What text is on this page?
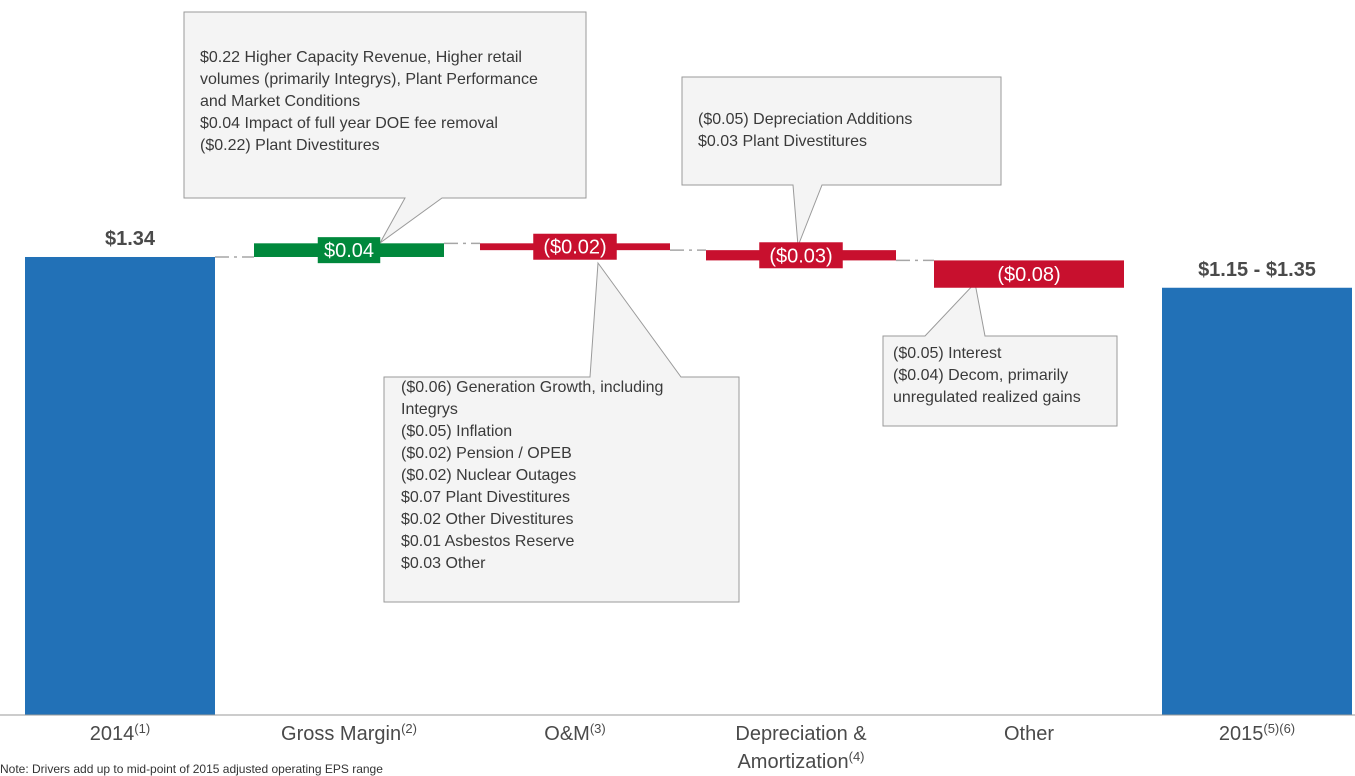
$1.34
$0.04	($0.02)	($0.03)
($0.08)	$1.15 - $1.35
2014$^{(1)}$	Gross Margin$^{(2)}$	$O\&M^{(3)}$	Depreciation &
Amortization$^{(4)}$
Other	$2015^{(5)(6)}$
$0.22 Higher Capacity Revenue, Higher retail
volumes (primarily Integrys), Plant Performance
and Market Conditions
$0.04 Impact of full year DOE fee removal
($0.22) Plant Divestitures
($0.06) Generation Growth, including
Integrys
($0.05) Inflation
($0.02) Pension / OPEB
($0.02) Nuclear Outages
$0.07 Plant Divestitures
$0.02 Other Divestitures
$0.01 Asbestos Reserve
$0.03 Other
($0.05) Depreciation Additions
$0.03 Plant Divestitures
($0.05) Interest
($0.04) Decom, primarily
unregulated realized gains
Note: Drivers add up to mid-point of 2015 adjusted operating EPS range
